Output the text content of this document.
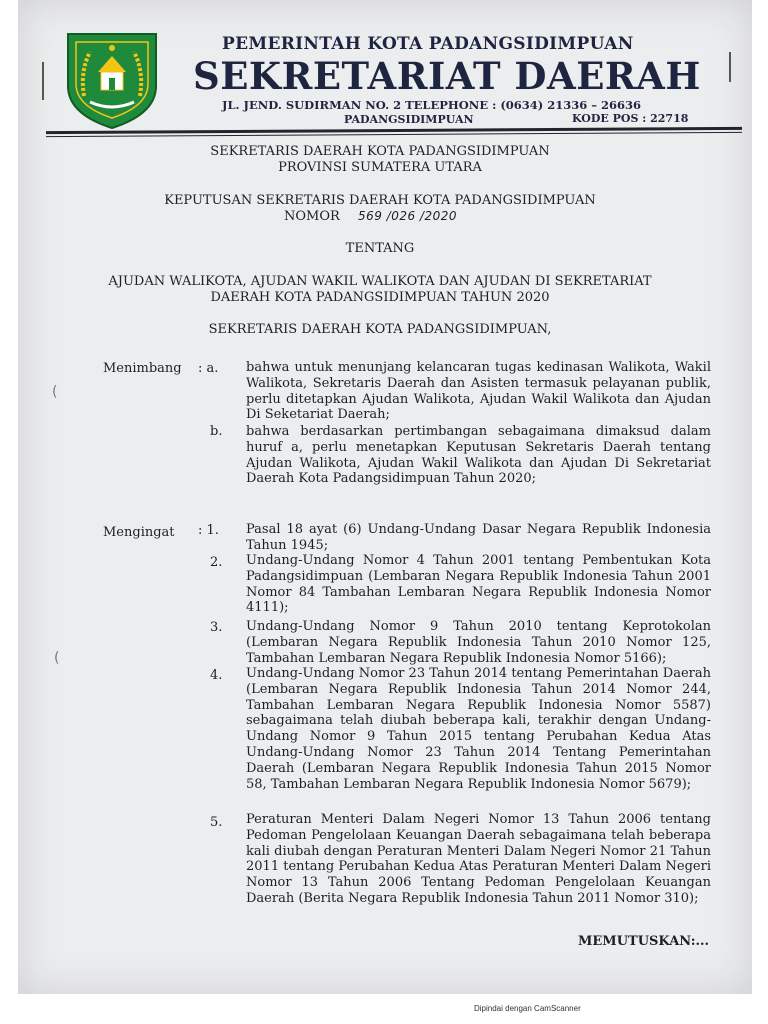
(
(
PEMERINTAH KOTA PADANGSIDIMPUAN
SEKRETARIAT DAERAH
JL. JEND. SUDIRMAN NO. 2 TELEPHONE : (0634) 21336 – 26636
PADANGSIDIMPUAN	KODE POS : 22718
SEKRETARIS DAERAH KOTA PADANGSIDIMPUAN
PROVINSI SUMATERA UTARA
KEPUTUSAN SEKRETARIS DAERAH KOTA PADANGSIDIMPUAN
NOMOR 569 /026 /2020
TENTANG
AJUDAN WALIKOTA, AJUDAN WAKIL WALIKOTA DAN AJUDAN DI SEKRETARIAT
DAERAH KOTA PADANGSIDIMPUAN TAHUN 2020
SEKRETARIS DAERAH KOTA PADANGSIDIMPUAN,
Menimbang : a. bahwa untuk menunjang kelancaran tugas kedinasan Walikota, Wakil Walikota, Sekretaris Daerah dan Asisten termasuk pelayanan publik, perlu ditetapkan Ajudan Walikota, Ajudan Wakil Walikota dan Ajudan Di Seketariat Daerah;
b. bahwa berdasarkan pertimbangan sebagaimana dimaksud dalam huruf a, perlu menetapkan Keputusan Sekretaris Daerah tentang Ajudan Walikota, Ajudan Wakil Walikota dan Ajudan Di Sekretariat Daerah Kota Padangsidimpuan Tahun 2020;
Mengingat : 1. Pasal 18 ayat (6) Undang-Undang Dasar Negara Republik Indonesia Tahun 1945;
2. Undang-Undang Nomor 4 Tahun 2001 tentang Pembentukan Kota Padangsidimpuan (Lembaran Negara Republik Indonesia Tahun 2001 Nomor 84 Tambahan Lembaran Negara Republik Indonesia Nomor 4111);
3. Undang-Undang Nomor 9 Tahun 2010 tentang Keprotokolan (Lembaran Negara Republik Indonesia Tahun 2010 Nomor 125, Tambahan Lembaran Negara Republik Indonesia Nomor 5166);
4. Undang-Undang Nomor 23 Tahun 2014 tentang Pemerintahan Daerah (Lembaran Negara Republik Indonesia Tahun 2014 Nomor 244, Tambahan Lembaran Negara Republik Indonesia Nomor 5587) sebagaimana telah diubah beberapa kali, terakhir dengan Undang-Undang Nomor 9 Tahun 2015 tentang Perubahan Kedua Atas Undang-Undang Nomor 23 Tahun 2014 Tentang Pemerintahan Daerah (Lembaran Negara Republik Indonesia Tahun 2015 Nomor 58, Tambahan Lembaran Negara Republik Indonesia Nomor 5679);
5. Peraturan Menteri Dalam Negeri Nomor 13 Tahun 2006 tentang Pedoman Pengelolaan Keuangan Daerah sebagaimana telah beberapa kali diubah dengan Peraturan Menteri Dalam Negeri Nomor 21 Tahun 2011 tentang Perubahan Kedua Atas Peraturan Menteri Dalam Negeri Nomor 13 Tahun 2006 Tentang Pedoman Pengelolaan Keuangan Daerah (Berita Negara Republik Indonesia Tahun 2011 Nomor 310);
MEMUTUSKAN:...
Dipindai dengan CamScanner
